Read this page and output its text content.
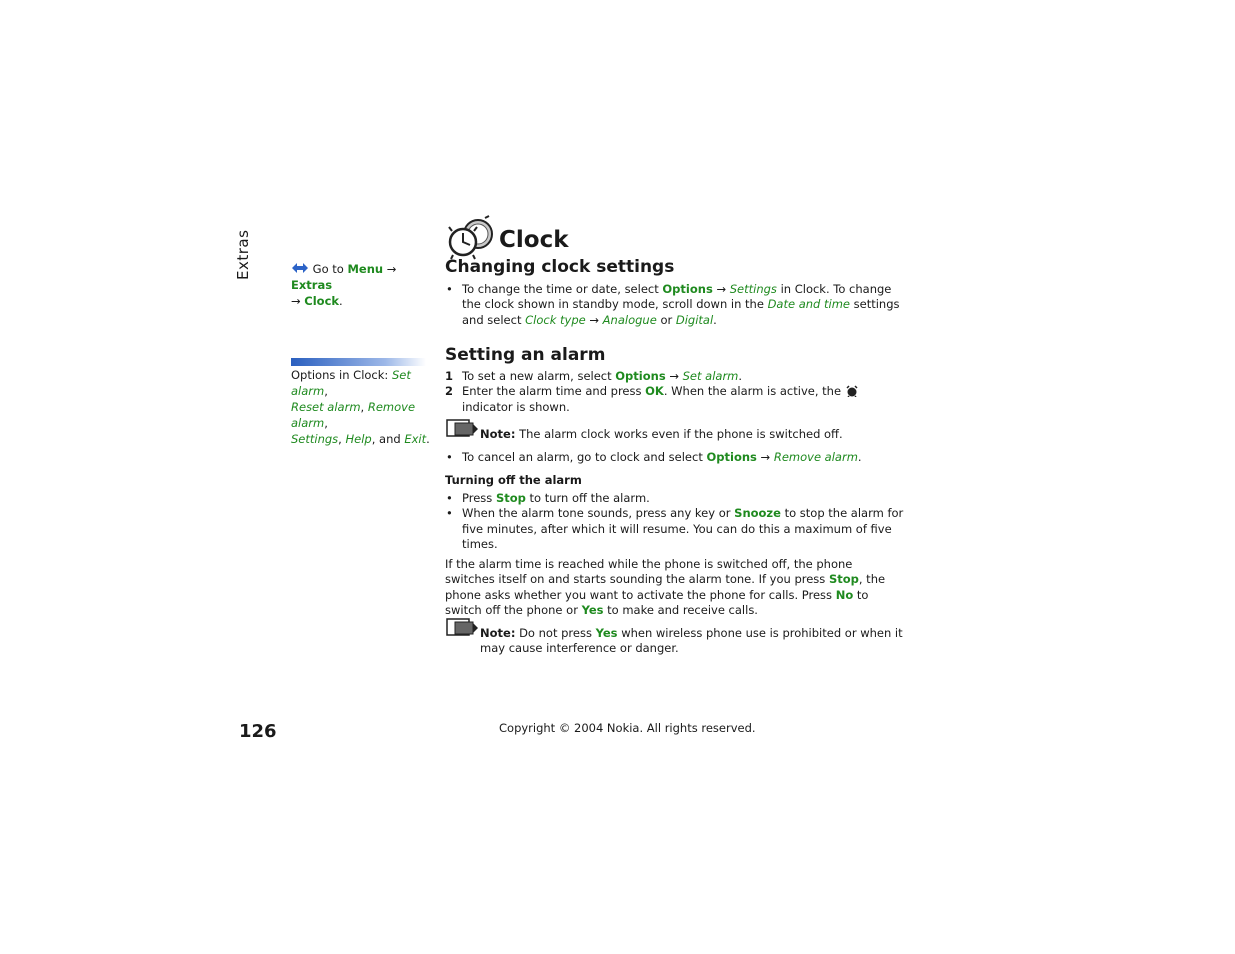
Extras	Go to Menu → Extras
→ Clock.
Options in Clock: Set alarm,
Reset alarm, Remove alarm,
Settings, Help, and Exit.
Clock
Changing clock settings
• To change the time or date, select Options → Settings in Clock. To change the clock shown in standby mode, scroll down in the Date and time settings and select Clock type → Analogue or Digital.
Setting an alarm
1 To set a new alarm, select Options → Set alarm.
2 Enter the alarm time and press OK. When the alarm is active, the  indicator is shown.
Note: The alarm clock works even if the phone is switched off.
• To cancel an alarm, go to clock and select Options → Remove alarm.
Turning off the alarm
• Press Stop to turn off the alarm.
• When the alarm tone sounds, press any key or Snooze to stop the alarm for five minutes, after which it will resume. You can do this a maximum of five times.

If the alarm time is reached while the phone is switched off, the phone switches itself on and starts sounding the alarm tone. If you press Stop, the phone asks whether you want to activate the phone for calls. Press No to switch off the phone or Yes to make and receive calls.

Note: Do not press Yes when wireless phone use is prohibited or when it may cause interference or danger.
126	Copyright © 2004 Nokia. All rights reserved.
